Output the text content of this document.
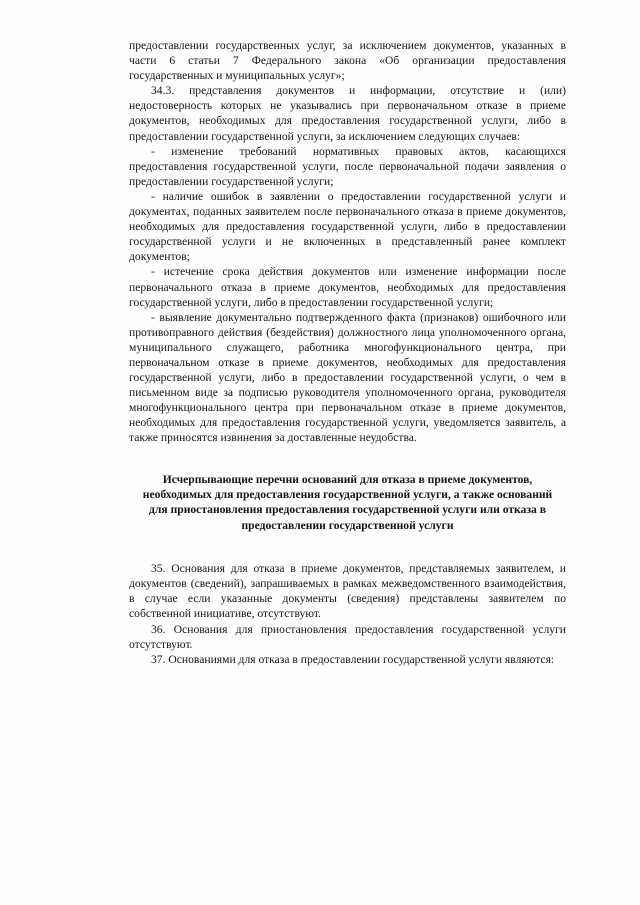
предоставлении государственных услуг, за исключением документов, указанных в части 6 статьи 7 Федерального закона «Об организации предоставления государственных и муниципальных услуг»;

34.3. представления документов и информации, отсутствие и (или) недостоверность которых не указывались при первоначальном отказе в приеме документов, необходимых для предоставления государственной услуги, либо в предоставлении государственной услуги, за исключением следующих случаев:

- изменение требований нормативных правовых актов, касающихся предоставления государственной услуги, после первоначальной подачи заявления о предоставлении государственной услуги;

- наличие ошибок в заявлении о предоставлении государственной услуги и документах, поданных заявителем после первоначального отказа в приеме документов, необходимых для предоставления государственной услуги, либо в предоставлении государственной услуги и не включенных в представленный ранее комплект документов;

- истечение срока действия документов или изменение информации после первоначального отказа в приеме документов, необходимых для предоставления государственной услуги, либо в предоставлении государственной услуги;

- выявление документально подтвержденного факта (признаков) ошибочного или противоправного действия (бездействия) должностного лица уполномоченного органа, муниципального служащего, работника многофункционального центра, при первоначальном отказе в приеме документов, необходимых для предоставления государственной услуги, либо в предоставлении государственной услуги, о чем в письменном виде за подписью руководителя уполномоченного органа, руководителя многофункционального центра при первоначальном отказе в приеме документов, необходимых для предоставления государственной услуги, уведомляется заявитель, а также приносятся извинения за доставленные неудобства.

Исчерпывающие перечни оснований для отказа в приеме документов, необходимых для предоставления государственной услуги, а также оснований для приостановления предоставления государственной услуги или отказа в предоставлении государственной услуги

35. Основания для отказа в приеме документов, представляемых заявителем, и документов (сведений), запрашиваемых в рамках межведомственного взаимодействия, в случае если указанные документы (сведения) представлены заявителем по собственной инициативе, отсутствуют.

36. Основания для приостановления предоставления государственной услуги отсутствуют.

37. Основаниями для отказа в предоставлении государственной услуги являются:
